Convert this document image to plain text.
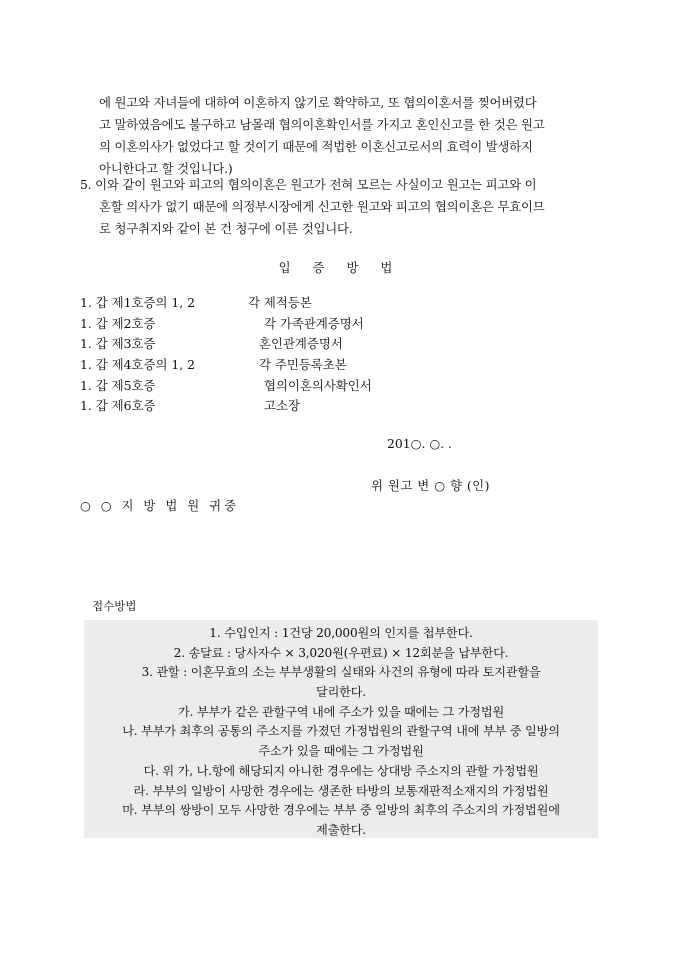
에 원고와 자녀들에 대하여 이혼하지 않기로 확약하고, 또 협의이혼서를 찢어버렸다
고 말하였음에도 불구하고 남몰래 협의이혼확인서를 가지고 혼인신고를 한 것은 원고
의 이혼의사가 없었다고 할 것이기 때문에 적법한 이혼신고로서의 효력이 발생하지
아니한다고 할 것입니다.)
5. 이와 같이 원고와 피고의 협의이혼은 원고가 전혀 모르는 사실이고 원고는 피고와 이
혼할 의사가 없기 때문에 의정부시장에게 신고한 원고와 피고의 협의이혼은 무효이므
로 청구취지와 같이 본 건 청구에 이른 것입니다.
입 증 방 법
1. 갑 제1호증의 1, 2	각 제적등본
1. 갑 제2호증	각 가족관계증명서
1. 갑 제3호증	혼인관계증명서
1. 갑 제4호증의 1, 2	각 주민등록초본
1. 갑 제5호증	협의이혼의사확인서
1. 갑 제6호증	고소장
201○. ○. .
위 원고 변 ○ 향 (인)
○ ○ 지 방 법 원 귀중
접수방법
1. 수입인지 : 1건당 20,000원의 인지를 첩부한다.
2. 송달료 : 당사자수 × 3,020원(우편료) × 12회분을 납부한다.
3. 관할 : 이혼무효의 소는 부부생활의 실태와 사건의 유형에 따라 토지관할을
달리한다.
가. 부부가 같은 관할구역 내에 주소가 있을 때에는 그 가정법원
나. 부부가 최후의 공통의 주소지를 가졌던 가정법원의 관할구역 내에 부부 중 일방의
주소가 있을 때에는 그 가정법원
다. 위 가, 나.항에 해당되지 아니한 경우에는 상대방 주소지의 관할 가정법원
라. 부부의 일방이 사망한 경우에는 생존한 타방의 보통재판적소재지의 가정법원
마. 부부의 쌍방이 모두 사망한 경우에는 부부 중 일방의 최후의 주소지의 가정법원에
제출한다.
